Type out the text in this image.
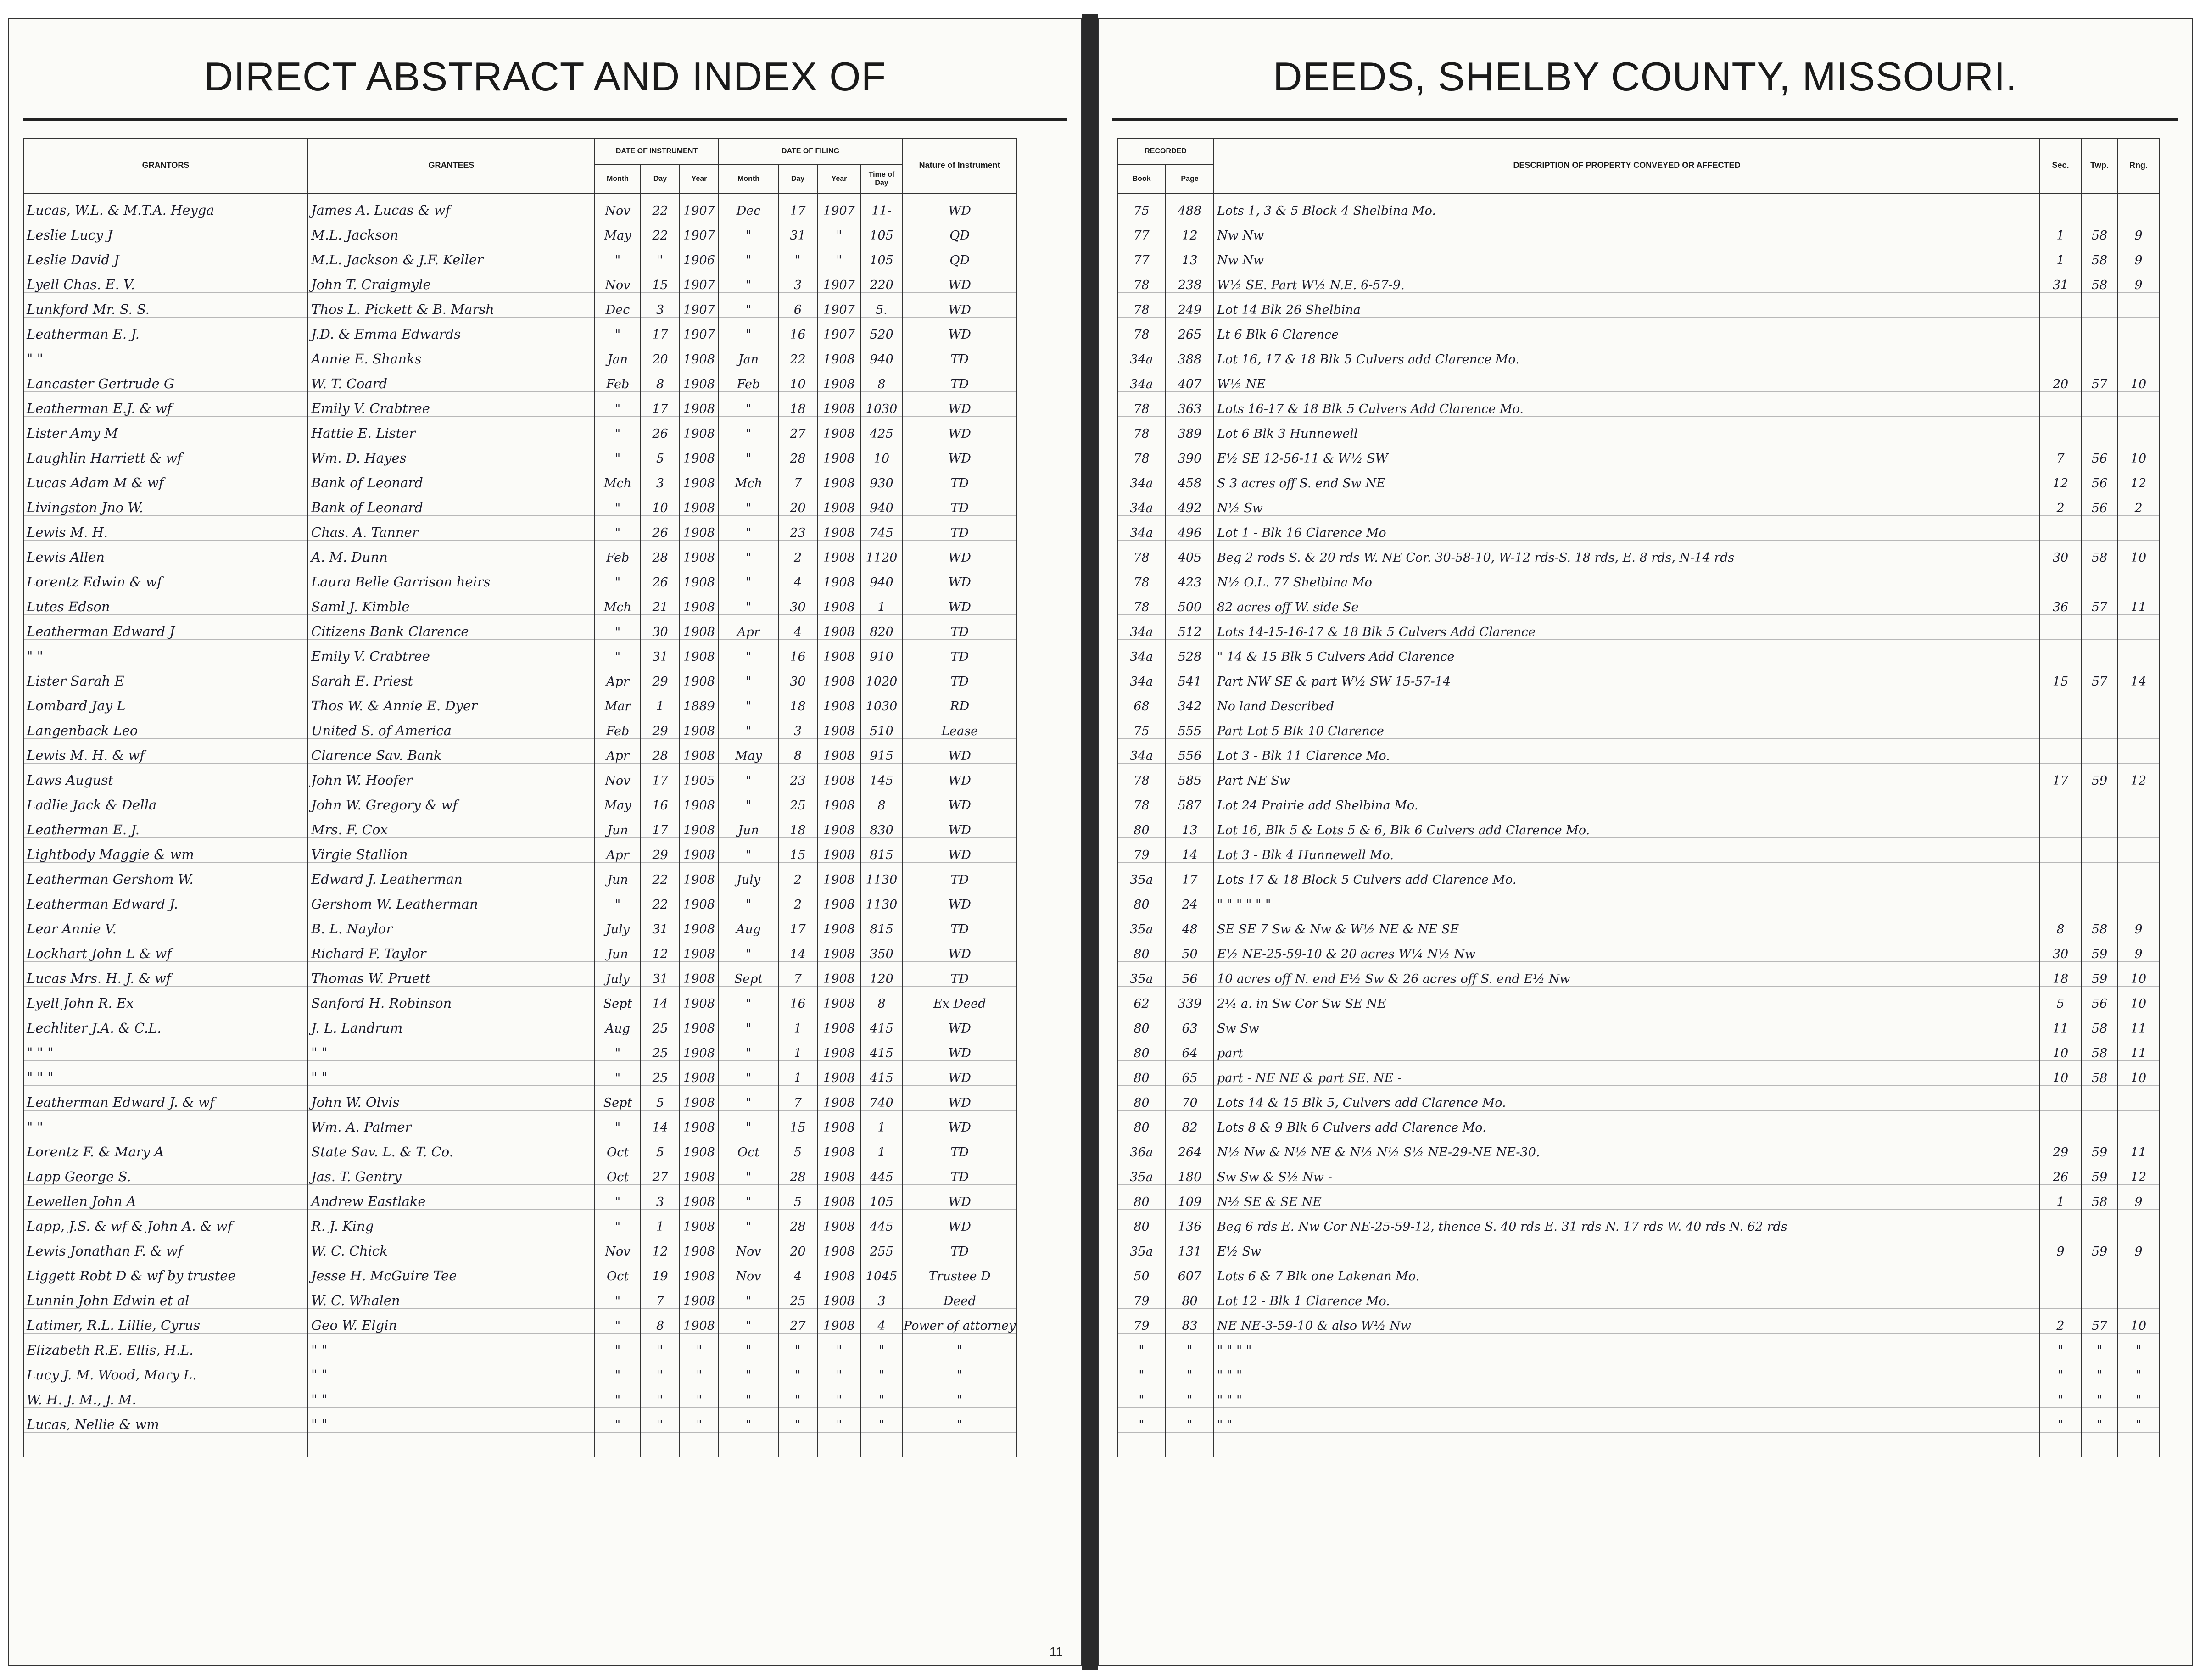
DIRECT ABSTRACT AND INDEX OF
GRANTORS	GRANTEES	DATE OF INSTRUMENT			DATE OF FILING				Nature of Instrument
		Month	Day	Year	Month	Day	Year	Time of Day	
Lucas, W.L. & M.T.A. Heyga	James A. Lucas & wf	Nov	22	1907	Dec	17	1907	11-	WD
Leslie Lucy J	M.L. Jackson	May	22	1907	"	31	"	105	QD
Leslie David J	M.L. Jackson & J.F. Keller	"	"	1906	"	"	"	105	QD
Lyell Chas. E. V.	John T. Craigmyle	Nov	15	1907	"	3	1907	220	WD
Lunkford Mr. S. S.	Thos L. Pickett & B. Marsh	Dec	3	1907	"	6	1907	5.	WD
Leatherman E. J.	J.D. & Emma Edwards	"	17	1907	"	16	1907	520	WD
" "	Annie E. Shanks	Jan	20	1908	Jan	22	1908	940	TD
Lancaster Gertrude G	W. T. Coard	Feb	8	1908	Feb	10	1908	8	TD
Leatherman E.J. & wf	Emily V. Crabtree	"	17	1908	"	18	1908	1030	WD
Lister Amy M	Hattie E. Lister	"	26	1908	"	27	1908	425	WD
Laughlin Harriett & wf	Wm. D. Hayes	"	5	1908	"	28	1908	10	WD
Lucas Adam M & wf	Bank of Leonard	Mch	3	1908	Mch	7	1908	930	TD
Livingston Jno W.	Bank of Leonard	"	10	1908	"	20	1908	940	TD
Lewis M. H.	Chas. A. Tanner	"	26	1908	"	23	1908	745	TD
Lewis Allen	A. M. Dunn	Feb	28	1908	"	2	1908	1120	WD
Lorentz Edwin & wf	Laura Belle Garrison heirs	"	26	1908	"	4	1908	940	WD
Lutes Edson	Saml J. Kimble	Mch	21	1908	"	30	1908	1	WD
Leatherman Edward J	Citizens Bank Clarence	"	30	1908	Apr	4	1908	820	TD
" "	Emily V. Crabtree	"	31	1908	"	16	1908	910	TD
Lister Sarah E	Sarah E. Priest	Apr	29	1908	"	30	1908	1020	TD
Lombard Jay L	Thos W. & Annie E. Dyer	Mar	1	1889	"	18	1908	1030	RD
Langenback Leo	United S. of America	Feb	29	1908	"	3	1908	510	Lease
Lewis M. H. & wf	Clarence Sav. Bank	Apr	28	1908	May	8	1908	915	WD
Laws August	John W. Hoofer	Nov	17	1905	"	23	1908	145	WD
Ladlie Jack & Della	John W. Gregory & wf	May	16	1908	"	25	1908	8	WD
Leatherman E. J.	Mrs. F. Cox	Jun	17	1908	Jun	18	1908	830	WD
Lightbody Maggie & wm	Virgie Stallion	Apr	29	1908	"	15	1908	815	WD
Leatherman Gershom W.	Edward J. Leatherman	Jun	22	1908	July	2	1908	1130	TD
Leatherman Edward J.	Gershom W. Leatherman	"	22	1908	"	2	1908	1130	WD
Lear Annie V.	B. L. Naylor	July	31	1908	Aug	17	1908	815	TD
Lockhart John L & wf	Richard F. Taylor	Jun	12	1908	"	14	1908	350	WD
Lucas Mrs. H. J. & wf	Thomas W. Pruett	July	31	1908	Sept	7	1908	120	TD
Lyell John R. Ex	Sanford H. Robinson	Sept	14	1908	"	16	1908	8	Ex Deed
Lechliter J.A. & C.L.	J. L. Landrum	Aug	25	1908	"	1	1908	415	WD
" " "	" "	"	25	1908	"	1	1908	415	WD
" " "	" "	"	25	1908	"	1	1908	415	WD
Leatherman Edward J. & wf	John W. Olvis	Sept	5	1908	"	7	1908	740	WD
" "	Wm. A. Palmer	"	14	1908	"	15	1908	1	WD
Lorentz F. & Mary A	State Sav. L. & T. Co.	Oct	5	1908	Oct	5	1908	1	TD
Lapp George S.	Jas. T. Gentry	Oct	27	1908	"	28	1908	445	TD
Lewellen John A	Andrew Eastlake	"	3	1908	"	5	1908	105	WD
Lapp, J.S. & wf & John A. & wf	R. J. King	"	1	1908	"	28	1908	445	WD
Lewis Jonathan F. & wf	W. C. Chick	Nov	12	1908	Nov	20	1908	255	TD
Liggett Robt D & wf by trustee	Jesse H. McGuire Tee	Oct	19	1908	Nov	4	1908	1045	Trustee D
Lunnin John Edwin et al	W. C. Whalen	"	7	1908	"	25	1908	3	Deed
Latimer, R.L. Lillie, Cyrus	Geo W. Elgin	"	8	1908	"	27	1908	4	Power of attorney
Elizabeth R.E. Ellis, H.L.	" "	"	"	"	"	"	"	"	"
Lucy J. M. Wood, Mary L.	" "	"	"	"	"	"	"	"	"
W. H. J. M., J. M.	" "	"	"	"	"	"	"	"	"
Lucas, Nellie & wm	" "	"	"	"	"	"	"	"	"

11
DEEDS, SHELBY COUNTY, MISSOURI.
RECORDED		DESCRIPTION OF PROPERTY CONVEYED OR AFFECTED	Sec.	Twp.	Rng.
Book	Page				
75	488	Lots 1, 3 & 5 Block 4 Shelbina Mo.			
77	12	Nw Nw	1	58	9
77	13	Nw Nw	1	58	9
78	238	W½ SE. Part W½ N.E. 6-57-9.	31	58	9
78	249	Lot 14 Blk 26 Shelbina			
78	265	Lt 6 Blk 6 Clarence			
34a	388	Lot 16, 17 & 18 Blk 5 Culvers add Clarence Mo.			
34a	407	W½ NE	20	57	10
78	363	Lots 16-17 & 18 Blk 5 Culvers Add Clarence Mo.			
78	389	Lot 6 Blk 3 Hunnewell			
78	390	E½ SE 12-56-11 & W½ SW	7	56	10
34a	458	S 3 acres off S. end Sw NE	12	56	12
34a	492	N½ Sw	2	56	2
34a	496	Lot 1 - Blk 16 Clarence Mo			
78	405	Beg 2 rods S. & 20 rds W. NE Cor. 30-58-10, W-12 rds-S. 18 rds, E. 8 rds, N-14 rds	30	58	10
78	423	N½ O.L. 77 Shelbina Mo			
78	500	82 acres off W. side Se	36	57	11
34a	512	Lots 14-15-16-17 & 18 Blk 5 Culvers Add Clarence			
34a	528	" 14 & 15 Blk 5 Culvers Add Clarence			
34a	541	Part NW SE & part W½ SW 15-57-14	15	57	14
68	342	No land Described			
75	555	Part Lot 5 Blk 10 Clarence			
34a	556	Lot 3 - Blk 11 Clarence Mo.			
78	585	Part NE Sw	17	59	12
78	587	Lot 24 Prairie add Shelbina Mo.			
80	13	Lot 16, Blk 5 & Lots 5 & 6, Blk 6 Culvers add Clarence Mo.			
79	14	Lot 3 - Blk 4 Hunnewell Mo.			
35a	17	Lots 17 & 18 Block 5 Culvers add Clarence Mo.			
80	24	" " " " " "			
35a	48	SE SE 7 Sw & Nw & W½ NE & NE SE	8	58	9
80	50	E½ NE-25-59-10 & 20 acres W¼ N½ Nw	30	59	9
35a	56	10 acres off N. end E½ Sw & 26 acres off S. end E½ Nw	18	59	10
62	339	2¼ a. in Sw Cor Sw SE NE	5	56	10
80	63	Sw Sw	11	58	11
80	64	part	10	58	11
80	65	part - NE NE & part SE. NE -	10	58	10
80	70	Lots 14 & 15 Blk 5, Culvers add Clarence Mo.			
80	82	Lots 8 & 9 Blk 6 Culvers add Clarence Mo.			
36a	264	N½ Nw & N½ NE & N½ N½ S½ NE-29-NE NE-30.	29	59	11
35a	180	Sw Sw & S½ Nw -	26	59	12
80	109	N½ SE & SE NE	1	58	9
80	136	Beg 6 rds E. Nw Cor NE-25-59-12, thence S. 40 rds E. 31 rds N. 17 rds W. 40 rds N. 62 rds			
35a	131	E½ Sw	9	59	9
50	607	Lots 6 & 7 Blk one Lakenan Mo.			
79	80	Lot 12 - Blk 1 Clarence Mo.			
79	83	NE NE-3-59-10 & also W½ Nw	2	57	10
"	"	" " " "	"	"	"
"	"	" " "	"	"	"
"	"	" " "	"	"	"
"	"	" "	"	"	"
